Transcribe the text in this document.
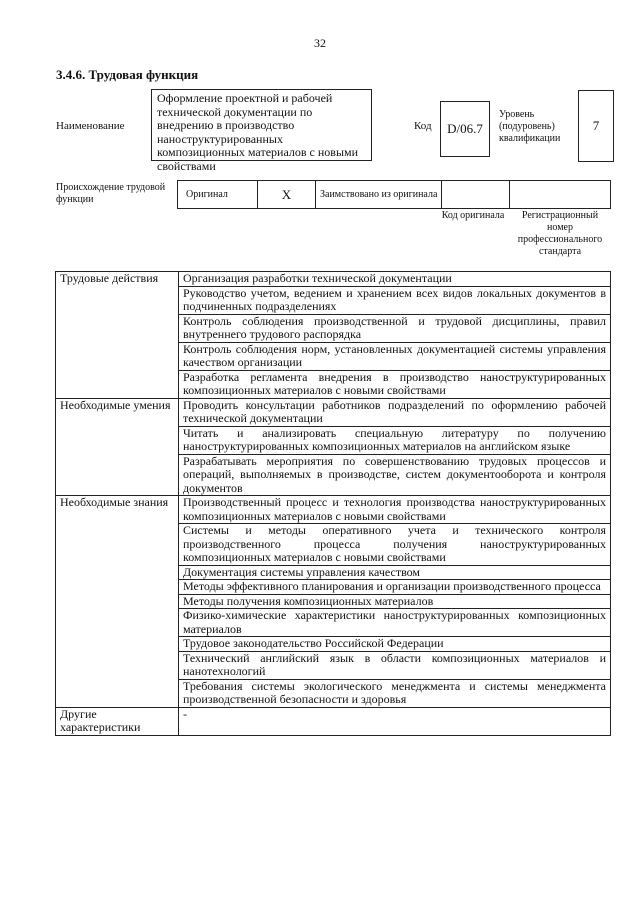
32
3.4.6. Трудовая функция
Наименование
Оформление проектной и рабочей технической документации по внедрению в производство наноструктурированных композиционных материалов с новыми свойствами
Код	D/06.7
Уровень (подуровень) квалификации
7
Происхождение трудовой функции	Оригинал	X	Заимствовано из оригинала
Код оригинала	Регистрационный номер профессионального стандарта
Трудовые действия	Организация разработки технической документации
	Руководство учетом, ведением и хранением всех видов локальных документов в подчиненных подразделениях
	Контроль соблюдения производственной и трудовой дисциплины, правил внутреннего трудового распорядка
	Контроль соблюдения норм, установленных документацией системы управления качеством организации
	Разработка регламента внедрения в производство наноструктурированных композиционных материалов с новыми свойствами
Необходимые умения	Проводить консультации работников подразделений по оформлению рабочей технической документации
	Читать и анализировать специальную литературу по получению наноструктурированных композиционных материалов на английском языке
	Разрабатывать мероприятия по совершенствованию трудовых процессов и операций, выполняемых в производстве, систем документооборота и контроля документов
Необходимые знания	Производственный процесс и технология производства наноструктурированных композиционных материалов с новыми свойствами
	Системы и методы оперативного учета и технического контроля производственного процесса получения наноструктурированных композиционных материалов с новыми свойствами
	Документация системы управления качеством
	Методы эффективного планирования и организации производственного процесса
	Методы получения композиционных материалов
	Физико-химические характеристики наноструктурированных композиционных материалов
	Трудовое законодательство Российской Федерации
	Технический английский язык в области композиционных материалов и нанотехнологий
	Требования системы экологического менеджмента и системы менеджмента производственной безопасности и здоровья
Другие характеристики	-
